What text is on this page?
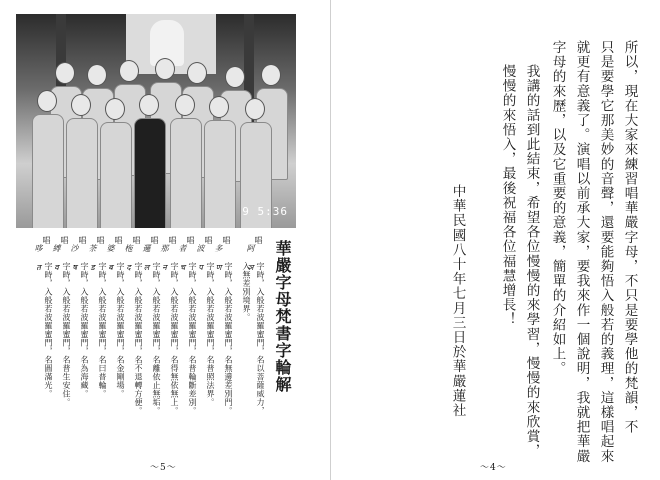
9 5:36
華嚴字母梵書字輪解
唱
阿 ञ
字時，入般若波羅蜜門，名以菩薩威力，
入無差別境界。
唱
多 ण
字時，入般若波羅蜜門，名無邊差別門。
唱
波 प
字時，入般若波羅蜜門，名普照法界。
唱
者 च
字時，入般若波羅蜜門，名普輪斷差別。
唱
那 न
字時，入般若波羅蜜門，名得無依無上。
唱
邏 ल
字時，入般若波羅蜜門，名離依止無垢。
唱
柂 द
字時，入般若波羅蜜門，名不退轉方便。
唱
婆 ब
字時，入般若波羅蜜門，名金剛場。
唱
荼 ड
字時，入般若波羅蜜門，名曰普輪。
唱
沙 ष
字時，入般若波羅蜜門，名為海藏。
唱
縛 व
字時，入般若波羅蜜門，名普生安住。
唱
哆 त
字時，入般若波羅蜜門，名圓滿光。
～5～
所以，現在大家來練習唱華嚴字母，不只是要學他的梵韻，不
只是要學它那美妙的音聲，還要能夠悟入般若的義理，這樣唱起來
就更有意義了。演唱以前承大家，要我來作一個說明，我就把華嚴
字母的來歷，以及它重要的意義，簡單的介紹如上。
我講的話到此結束，希望各位慢慢的來學習，慢慢的來欣賞，
慢慢的來悟入，最後祝福各位福慧增長！
中華民國八十年七月三日於華嚴蓮社
～4～
